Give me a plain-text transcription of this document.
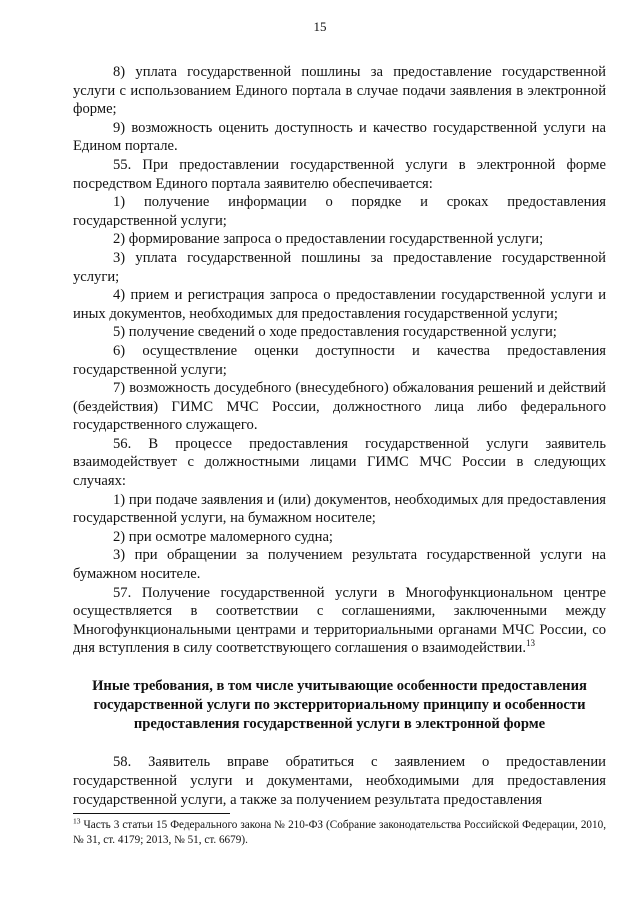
15

8) уплата государственной пошлины за предоставление государственной услуги с использованием Единого портала в случае подачи заявления в электронной форме;

9) возможность оценить доступность и качество государственной услуги на Едином портале.

55. При предоставлении государственной услуги в электронной форме посредством Единого портала заявителю обеспечивается:

1) получение информации о порядке и сроках предоставления государственной услуги;

2) формирование запроса о предоставлении государственной услуги;

3) уплата государственной пошлины за предоставление государственной услуги;

4) прием и регистрация запроса о предоставлении государственной услуги и иных документов, необходимых для предоставления государственной услуги;

5) получение сведений о ходе предоставления государственной услуги;

6) осуществление оценки доступности и качества предоставления государственной услуги;

7) возможность досудебного (внесудебного) обжалования решений и действий (бездействия) ГИМС МЧС России, должностного лица либо федерального государственного служащего.

56. В процессе предоставления государственной услуги заявитель взаимодействует с должностными лицами ГИМС МЧС России в следующих случаях:

1) при подаче заявления и (или) документов, необходимых для предоставления государственной услуги, на бумажном носителе;

2) при осмотре маломерного судна;

3) при обращении за получением результата государственной услуги на бумажном носителе.

57. Получение государственной услуги в Многофункциональном центре осуществляется в соответствии с соглашениями, заключенными между Многофункциональными центрами и территориальными органами МЧС России, со дня вступления в силу соответствующего соглашения о взаимодействии.$^{13}$

Иные требования, в том числе учитывающие особенности предоставления государственной услуги по экстерриториальному принципу и особенности предоставления государственной услуги в электронной форме

58. Заявитель вправе обратиться с заявлением о предоставлении государственной услуги и документами, необходимыми для предоставления государственной услуги, а также за получением результата предоставления

$^{13}$ Часть 3 статьи 15 Федерального закона № 210-ФЗ (Собрание законодательства Российской Федерации, 2010, № 31, ст. 4179; 2013, № 51, ст. 6679).
